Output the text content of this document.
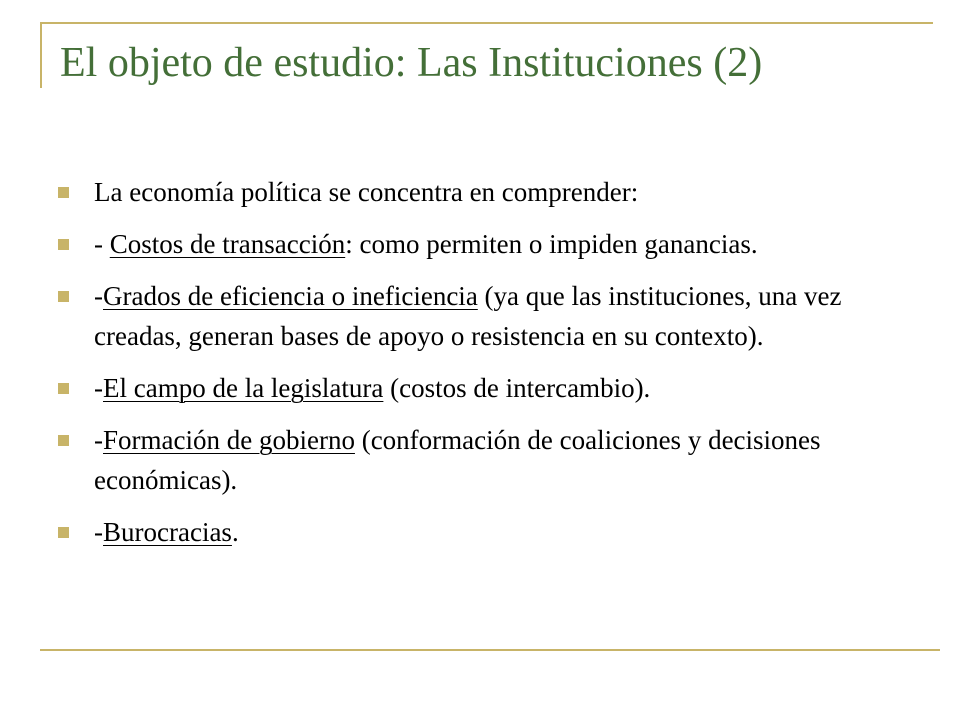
El objeto de estudio: Las Instituciones (2)
La economía política se concentra en comprender:
- Costos de transacción: como permiten o impiden ganancias.
-Grados de eficiencia o ineficiencia (ya que las instituciones, una vez creadas, generan bases de apoyo o resistencia en su contexto).
-El campo de la legislatura (costos de intercambio).
-Formación de gobierno (conformación de coaliciones y decisiones económicas).
-Burocracias.
